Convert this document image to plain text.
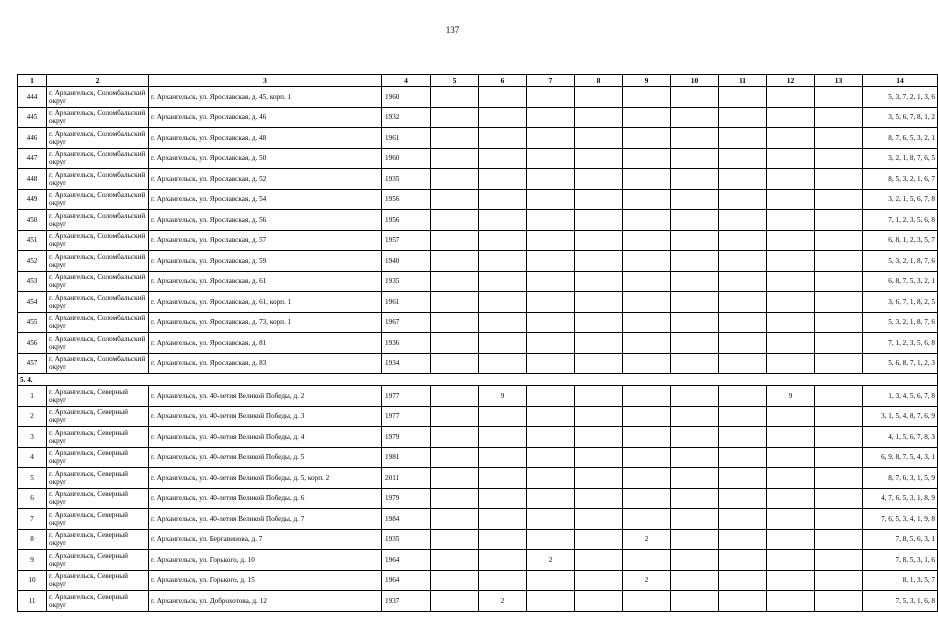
137
1	2	3	4	5	6	7	8	9	10	11	12	13	14
444	г. Архангельск, Соломбальский округ	г. Архангельск, ул. Ярославская, д. 45, корп. 1	1960										5, 3, 7, 2, 1, 3, 6
445	г. Архангельск, Соломбальский округ	г. Архангельск, ул. Ярославская, д. 46	1932										3, 5, 6, 7, 8, 1, 2
446	г. Архангельск, Соломбальский округ	г. Архангельск, ул. Ярославская, д. 48	1961										8, 7, 6, 5, 3, 2, 1
447	г. Архангельск, Соломбальский округ	г. Архангельск, ул. Ярославская, д. 50	1960										3, 2, 1, 8, 7, 6, 5
448	г. Архангельск, Соломбальский округ	г. Архангельск, ул. Ярославская, д. 52	1935										8, 5, 3, 2, 1, 6, 7
449	г. Архангельск, Соломбальский округ	г. Архангельск, ул. Ярославская, д. 54	1956										3, 2, 1, 5, 6, 7, 8
450	г. Архангельск, Соломбальский округ	г. Архангельск, ул. Ярославская, д. 56	1956										7, 1, 2, 3, 5, 6, 8
451	г. Архангельск, Соломбальский округ	г. Архангельск, ул. Ярославская, д. 57	1957										6, 8, 1, 2, 3, 5, 7
452	г. Архангельск, Соломбальский округ	г. Архангельск, ул. Ярославская, д. 59	1940										5, 3, 2, 1, 8, 7, 6
453	г. Архангельск, Соломбальский округ	г. Архангельск, ул. Ярославская, д. 61	1935										6, 8, 7, 5, 3, 2, 1
454	г. Архангельск, Соломбальский округ	г. Архангельск, ул. Ярославская, д. 61, корп. 1	1961										3, 6, 7, 1, 8, 2, 5
455	г. Архангельск, Соломбальский округ	г. Архангельск, ул. Ярославская, д. 73, корп. 1	1967										5, 3, 2, 1, 8, 7, 6
456	г. Архангельск, Соломбальский округ	г. Архангельск, ул. Ярославская, д. 81	1936										7, 1, 2, 3, 5, 6, 8
457	г. Архангельск, Соломбальский округ	г. Архангельск, ул. Ярославская, д. 83	1934										5, 6, 8, 7, 1, 2, 3
5. 4.													
1	г. Архангельск, Северный округ	г. Архангельск, ул. 40-летия Великой Победы, д. 2	1977		9						9		1, 3, 4, 5, 6, 7, 8
2	г. Архангельск, Северный округ	г. Архангельск, ул. 40-летия Великой Победы, д. 3	1977										3, 1, 5, 4, 8, 7, 6, 9
3	г. Архангельск, Северный округ	г. Архангельск, ул. 40-летия Великой Победы, д. 4	1979										4, 1, 5, 6, 7, 8, 3
4	г. Архангельск, Северный округ	г. Архангельск, ул. 40-летия Великой Победы, д. 5	1981										6, 9, 8, 7, 5, 4, 3, 1
5	г. Архангельск, Северный округ	г. Архангельск, ул. 40-летия Великой Победы, д. 5, корп. 2	2011										8, 7, 6, 3, 1, 5, 9
6	г. Архангельск, Северный округ	г. Архангельск, ул. 40-летия Великой Победы, д. 6	1979										4, 7, 6, 5, 3, 1, 8, 9
7	г. Архангельск, Северный округ	г. Архангельск, ул. 40-летия Великой Победы, д. 7	1984										7, 6, 5, 3, 4, 1, 9, 8
8	г. Архангельск, Северный округ	г. Архангельск, ул. Бергавинова, д. 7	1935					2					7, 8, 5, 6, 3, 1
9	г. Архангельск, Северный округ	г. Архангельск, ул. Горького, д. 10	1964			2							7, 8, 5, 3, 1, 6
10	г. Архангельск, Северный округ	г. Архангельск, ул. Горького, д. 15	1964					2					8, 1, 3, 5, 7
11	г. Архангельск, Северный округ	г. Архангельск, ул. Доброхотова, д. 12	1937		2								7, 5, 3, 1, 6, 8
